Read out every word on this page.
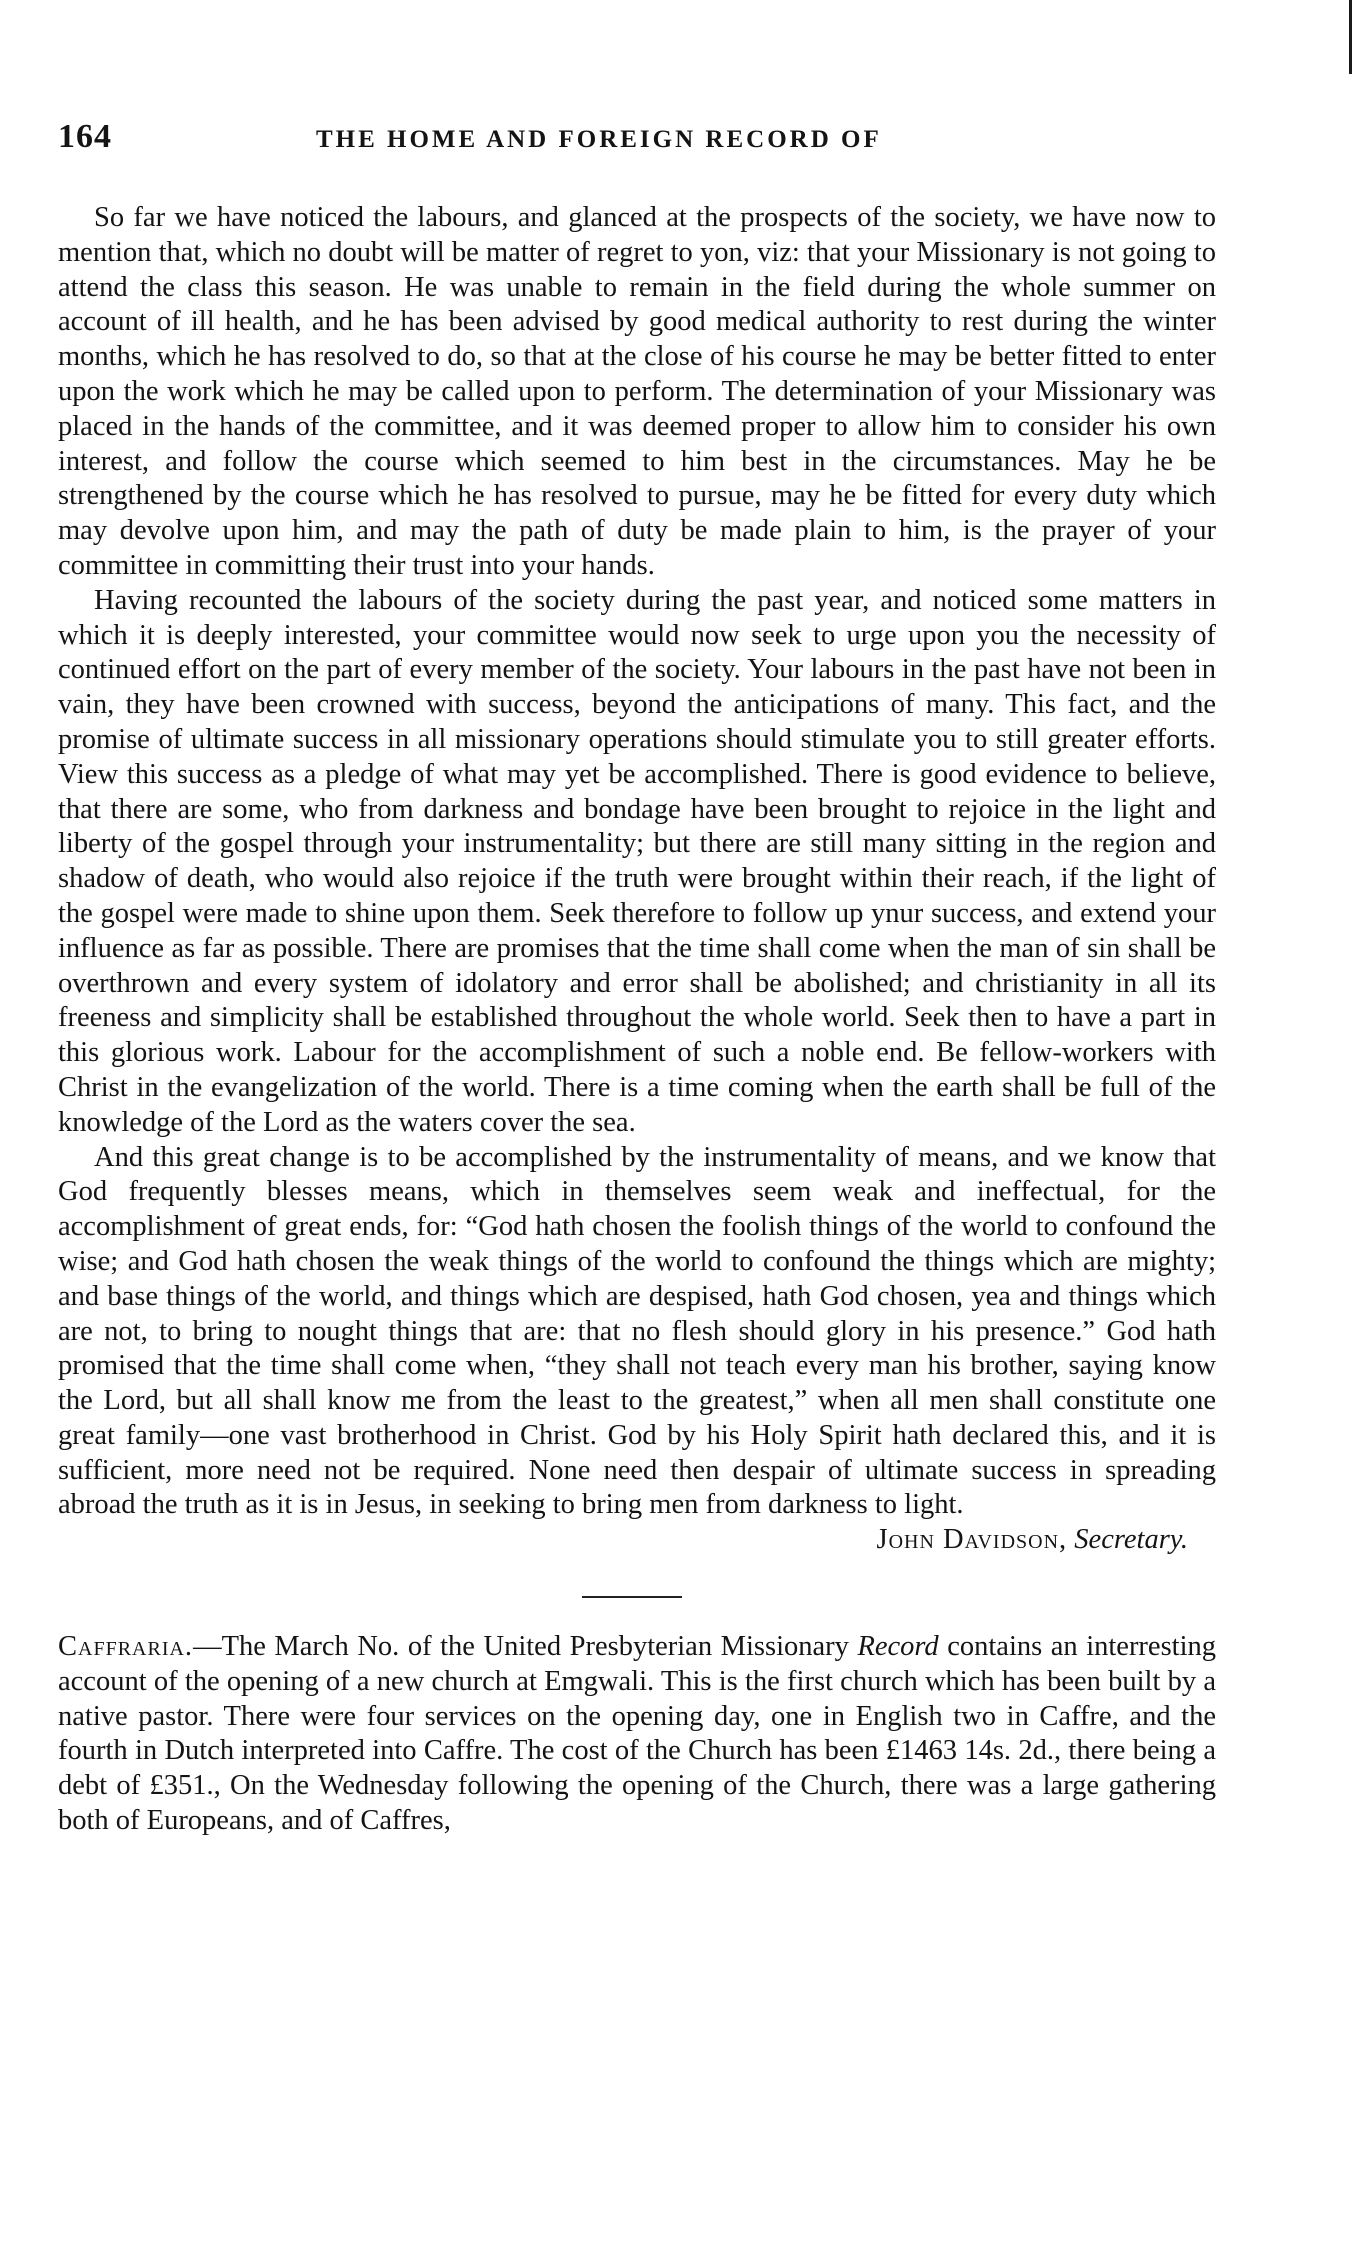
164	THE HOME AND FOREIGN RECORD OF

So far we have noticed the labours, and glanced at the prospects of the society, we have now to mention that, which no doubt will be matter of regret to yon, viz: that your Missionary is not going to attend the class this season. He was unable to remain in the field during the whole summer on account of ill health, and he has been advised by good medical authority to rest during the winter months, which he has resolved to do, so that at the close of his course he may be better fitted to enter upon the work which he may be called upon to perform. The determination of your Missionary was placed in the hands of the committee, and it was deemed proper to allow him to consider his own interest, and follow the course which seemed to him best in the circumstances. May he be strengthened by the course which he has resolved to pursue, may he be fitted for every duty which may devolve upon him, and may the path of duty be made plain to him, is the prayer of your committee in committing their trust into your hands.

Having recounted the labours of the society during the past year, and noticed some matters in which it is deeply interested, your committee would now seek to urge upon you the necessity of continued effort on the part of every member of the society. Your labours in the past have not been in vain, they have been crowned with success, beyond the anticipations of many. This fact, and the promise of ultimate success in all missionary operations should stimulate you to still greater efforts. View this success as a pledge of what may yet be accomplished. There is good evidence to believe, that there are some, who from darkness and bondage have been brought to rejoice in the light and liberty of the gospel through your instrumentality; but there are still many sitting in the region and shadow of death, who would also rejoice if the truth were brought within their reach, if the light of the gospel were made to shine upon them. Seek therefore to follow up ynur success, and extend your influence as far as possible. There are promises that the time shall come when the man of sin shall be overthrown and every system of idolatory and error shall be abolished; and christianity in all its freeness and simplicity shall be established throughout the whole world. Seek then to have a part in this glorious work. Labour for the accomplishment of such a noble end. Be fellow-workers with Christ in the evangelization of the world. There is a time coming when the earth shall be full of the knowledge of the Lord as the waters cover the sea.

And this great change is to be accomplished by the instrumentality of means, and we know that God frequently blesses means, which in themselves seem weak and ineffectual, for the accomplishment of great ends, for: “God hath chosen the foolish things of the world to confound the wise; and God hath chosen the weak things of the world to confound the things which are mighty; and base things of the world, and things which are despised, hath God chosen, yea and things which are not, to bring to nought things that are: that no flesh should glory in his presence.” God hath promised that the time shall come when, “they shall not teach every man his brother, saying know the Lord, but all shall know me from the least to the greatest,” when all men shall constitute one great family—one vast brotherhood in Christ. God by his Holy Spirit hath declared this, and it is sufficient, more need not be required. None need then despair of ultimate success in spreading abroad the truth as it is in Jesus, in seeking to bring men from darkness to light.

John Davidson, Secretary.

Caffraria.—The March No. of the United Presbyterian Missionary Record contains an interresting account of the opening of a new church at Emgwali. This is the first church which has been built by a native pastor. There were four services on the opening day, one in English two in Caffre, and the fourth in Dutch interpreted into Caffre. The cost of the Church has been £1463 14s. 2d., there being a debt of £351., On the Wednesday following the opening of the Church, there was a large gathering both of Europeans, and of Caffres,
